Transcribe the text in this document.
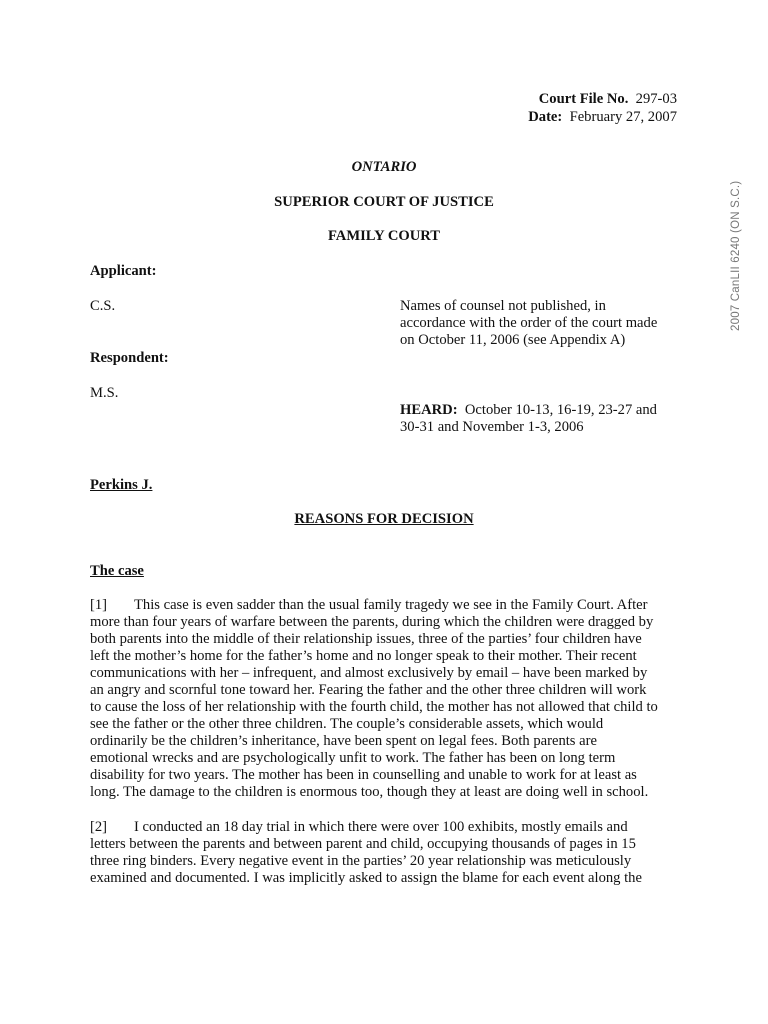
Court File No. 297-03
Date: February 27, 2007
2007 CanLII 6240 (ON S.C.)
ONTARIO
SUPERIOR COURT OF JUSTICE
FAMILY COURT
Applicant:
C.S.
Respondent:
M.S.
Names of counsel not published, in
accordance with the order of the court made
on October 11, 2006 (see Appendix A)
HEARD: October 10-13, 16-19, 23-27 and
30-31 and November 1-3, 2006
Perkins J.
REASONS FOR DECISION
The case
[1] This case is even sadder than the usual family tragedy we see in the Family Court. After
more than four years of warfare between the parents, during which the children were dragged by
both parents into the middle of their relationship issues, three of the parties’ four children have
left the mother’s home for the father’s home and no longer speak to their mother. Their recent
communications with her – infrequent, and almost exclusively by email – have been marked by
an angry and scornful tone toward her. Fearing the father and the other three children will work
to cause the loss of her relationship with the fourth child, the mother has not allowed that child to
see the father or the other three children. The couple’s considerable assets, which would
ordinarily be the children’s inheritance, have been spent on legal fees. Both parents are
emotional wrecks and are psychologically unfit to work. The father has been on long term
disability for two years. The mother has been in counselling and unable to work for at least as
long. The damage to the children is enormous too, though they at least are doing well in school.
[2] I conducted an 18 day trial in which there were over 100 exhibits, mostly emails and
letters between the parents and between parent and child, occupying thousands of pages in 15
three ring binders. Every negative event in the parties’ 20 year relationship was meticulously
examined and documented. I was implicitly asked to assign the blame for each event along the
